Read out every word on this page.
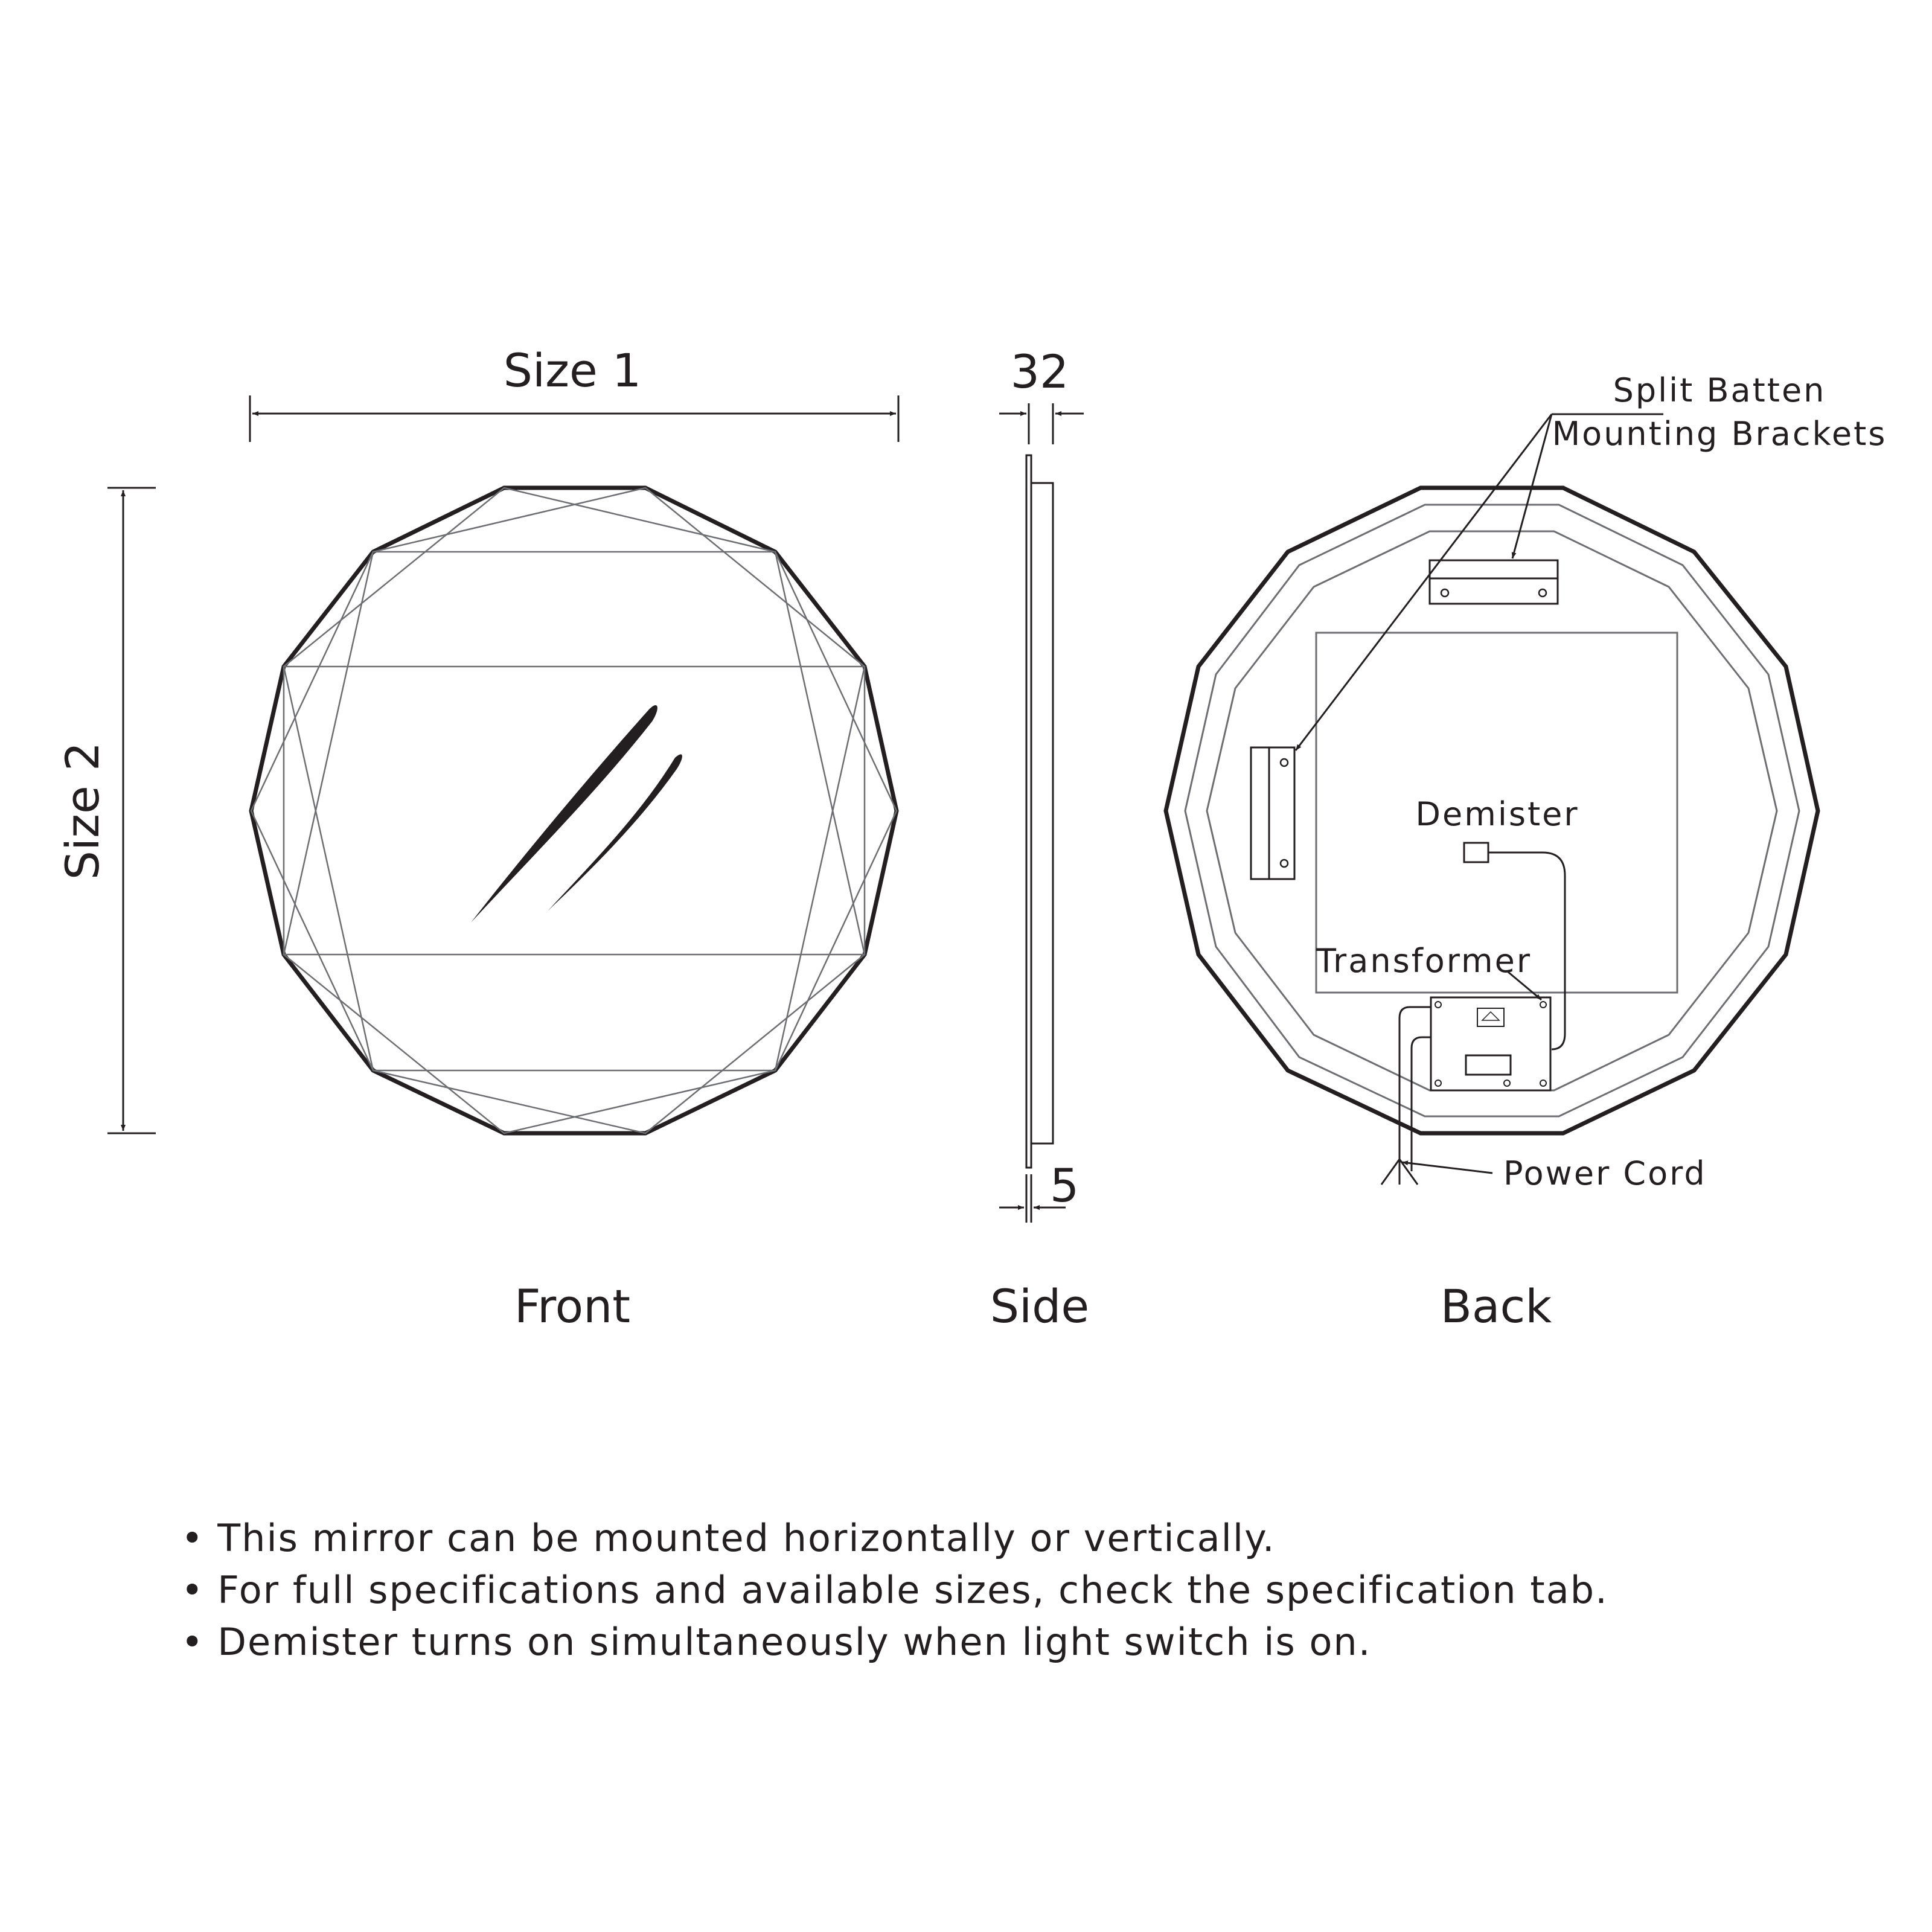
Size 1
Size 2
Front
32
5
Side
Split Batten
Mounting Brackets
Demister
Transformer
Power Cord
Back
• This mirror can be mounted horizontally or vertically.
• For full specifications and available sizes, check the specification tab.
• Demister turns on simultaneously when light switch is on.
